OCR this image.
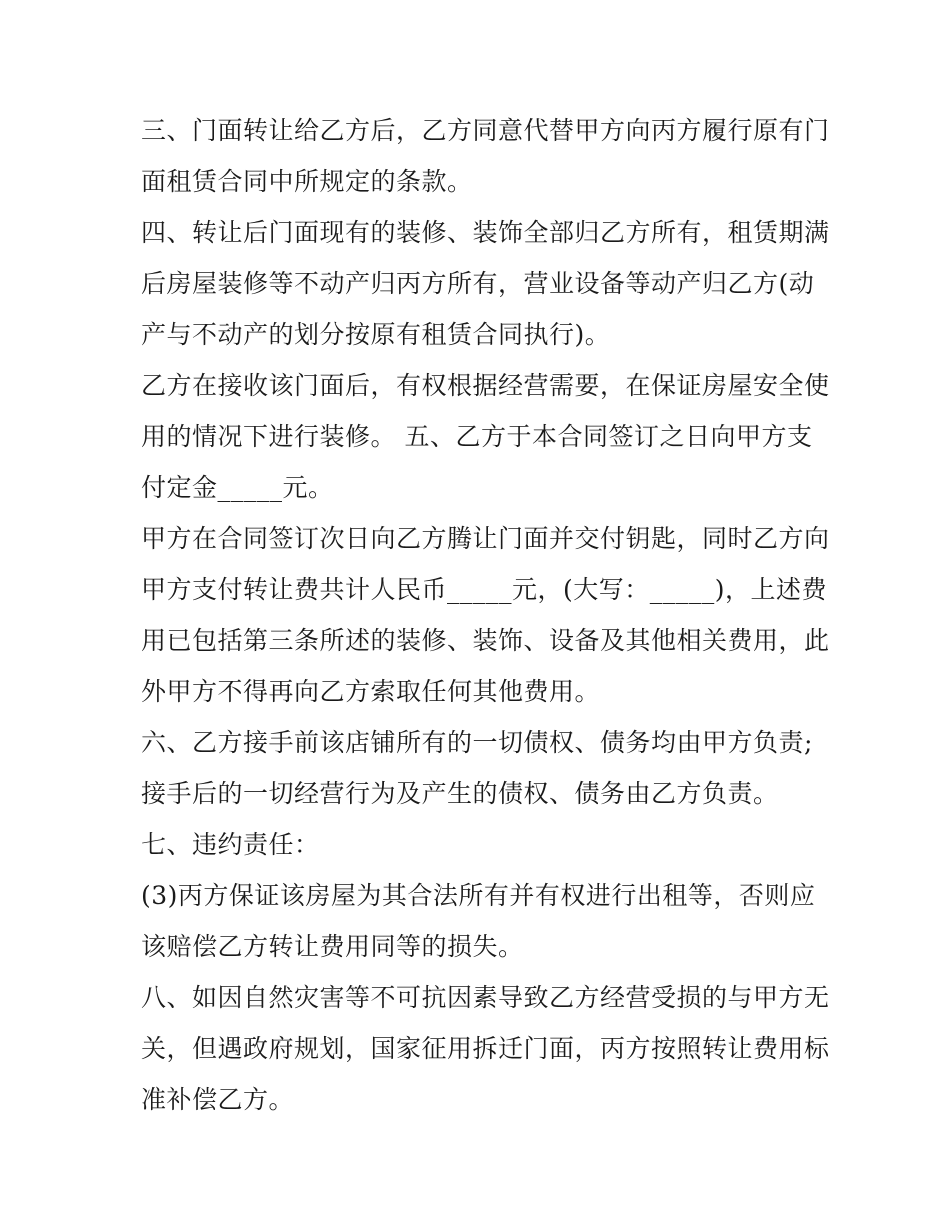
三、门面转让给乙方后，乙方同意代替甲方向丙方履行原有门
面租赁合同中所规定的条款。
四、转让后门面现有的装修、装饰全部归乙方所有，租赁期满
后房屋装修等不动产归丙方所有，营业设备等动产归乙方(动
产与不动产的划分按原有租赁合同执行)。
乙方在接收该门面后，有权根据经营需要，在保证房屋安全使
用的情况下进行装修。 五、乙方于本合同签订之日向甲方支
付定金_____元。
甲方在合同签订次日向乙方腾让门面并交付钥匙，同时乙方向
甲方支付转让费共计人民币_____元，(大写：_____)，上述费
用已包括第三条所述的装修、装饰、设备及其他相关费用，此
外甲方不得再向乙方索取任何其他费用。
六、乙方接手前该店铺所有的一切债权、债务均由甲方负责;
接手后的一切经营行为及产生的债权、债务由乙方负责。
七、违约责任：
(3)丙方保证该房屋为其合法所有并有权进行出租等，否则应
该赔偿乙方转让费用同等的损失。
八、如因自然灾害等不可抗因素导致乙方经营受损的与甲方无
关，但遇政府规划，国家征用拆迁门面，丙方按照转让费用标
准补偿乙方。
